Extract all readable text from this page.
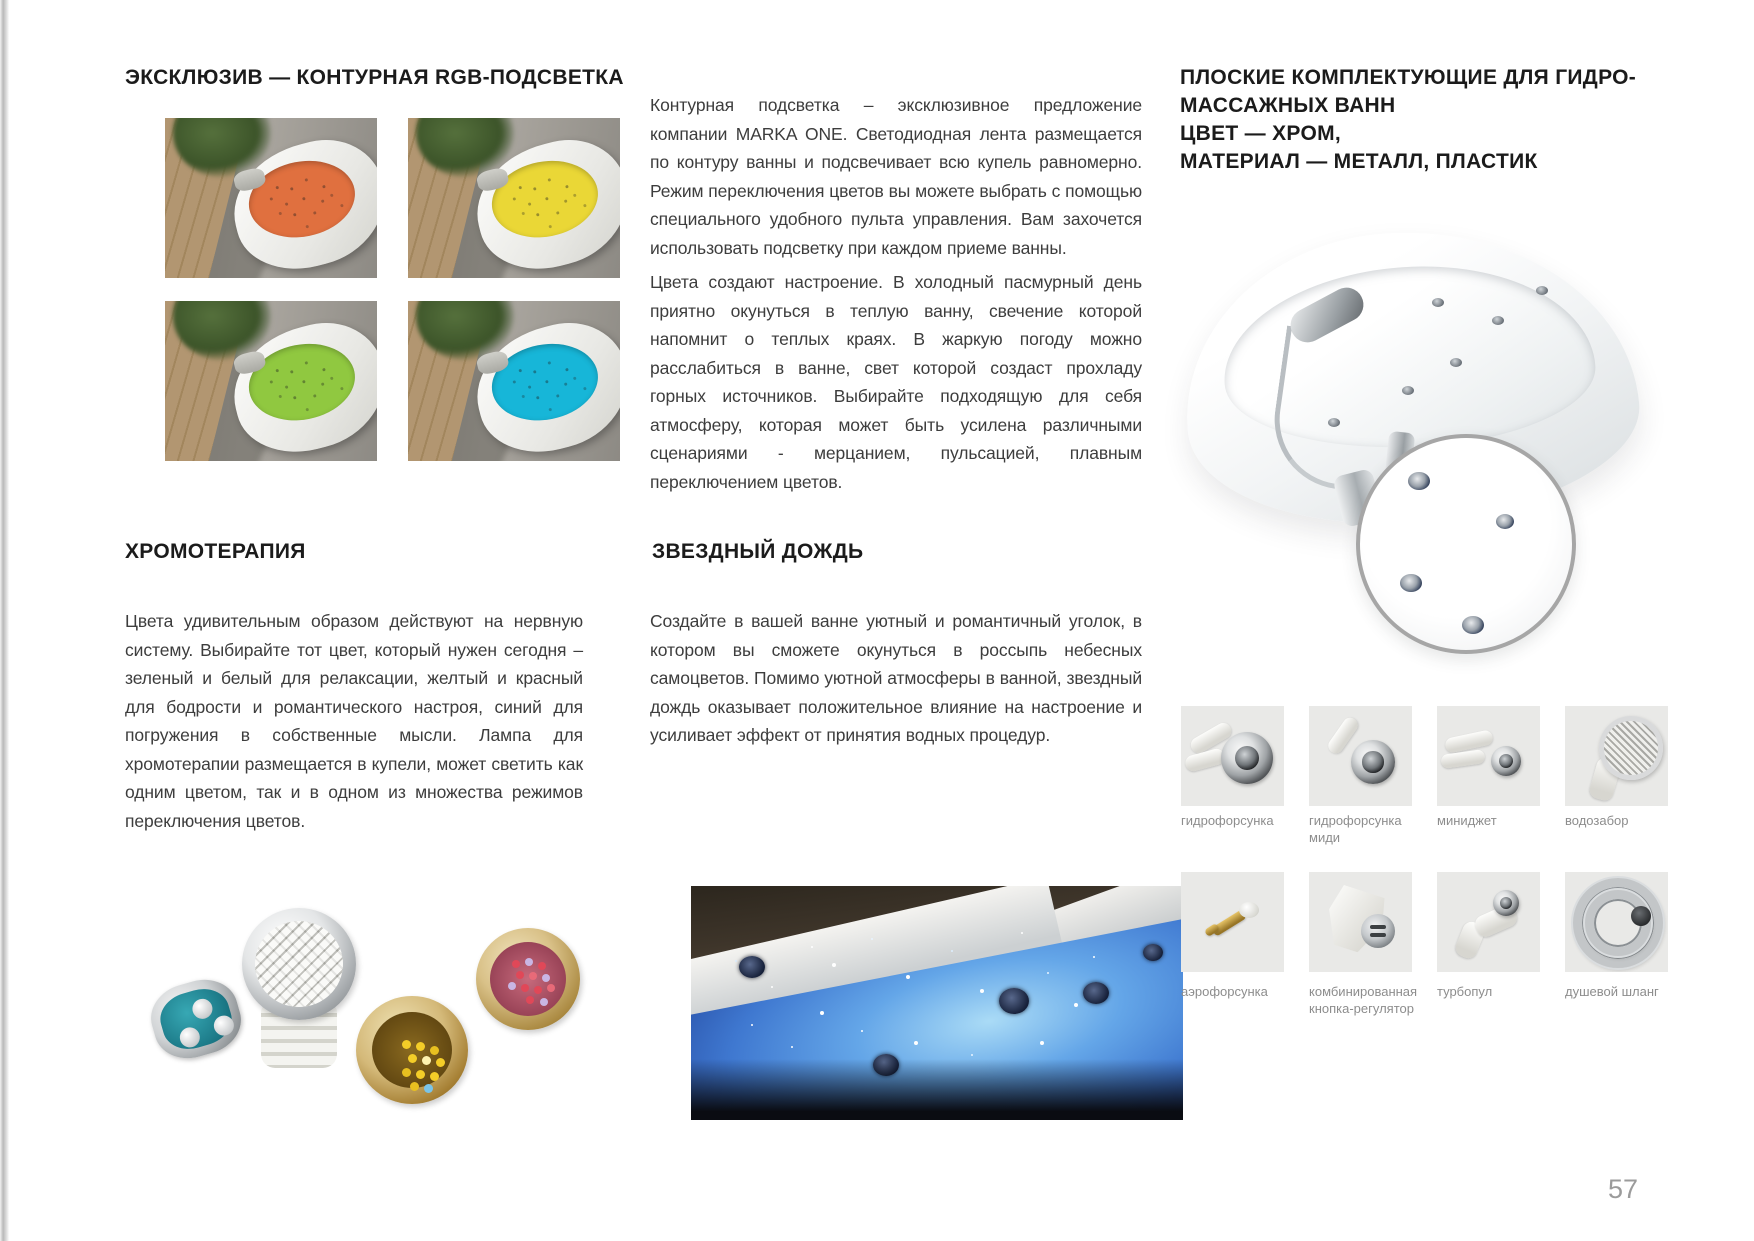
ЭКСКЛЮЗИВ — КОНТУРНАЯ RGB-ПОДСВЕТКА

Контурная подсветка – эксклюзивное предложение компании MARKA ONE. Светодиодная лента размещается по контуру ванны и подсвечивает всю купель равномерно. Режим переключения цветов вы можете выбрать с помощью специального удобного пульта управления. Вам захочется использовать подсветку при каждом приеме ванны.

Цвета создают настроение. В холодный пасмурный день приятно окунуться в теплую ванну, свечение которой напомнит о теплых краях. В жаркую погоду можно расслабиться в ванне, свет которой создаст прохладу горных источников. Выбирайте подходящую для себя атмосферу, которая может быть усилена различными сценариями - мерцанием, пульсацией, плавным переключением цветов.

ХРОМОТЕРАПИЯ

Цвета удивительным образом действуют на нервную систему. Выбирайте тот цвет, который нужен сегодня – зеленый и белый для релаксации, желтый и красный для бодрости и романтического настроя, синий для погружения в собственные мысли. Лампа для хромотерапии размещается в купели, может светить как одним цветом, так и в одном из множества режимов переключения цветов.

ЗВЕЗДНЫЙ ДОЖДЬ

Создайте в вашей ванне уютный и романтичный уголок, в котором вы сможете окунуться в россыпь небесных самоцветов. Помимо уютной атмосферы в ванной, звездный дождь оказывает положительное влияние на настроение и усиливает эффект от принятия водных процедур.

ПЛОСКИЕ КОМПЛЕКТУЮЩИЕ ДЛЯ ГИДРО-
МАССАЖНЫХ ВАНН
ЦВЕТ — ХРОМ,
МАТЕРИАЛ — МЕТАЛЛ, ПЛАСТИК
гидрофорсунка	гидрофорсунка миди
миниджет	водозабор
аэрофорсунка	комбинированная кнопка-регулятор
турбопул	душевой шланг
57
